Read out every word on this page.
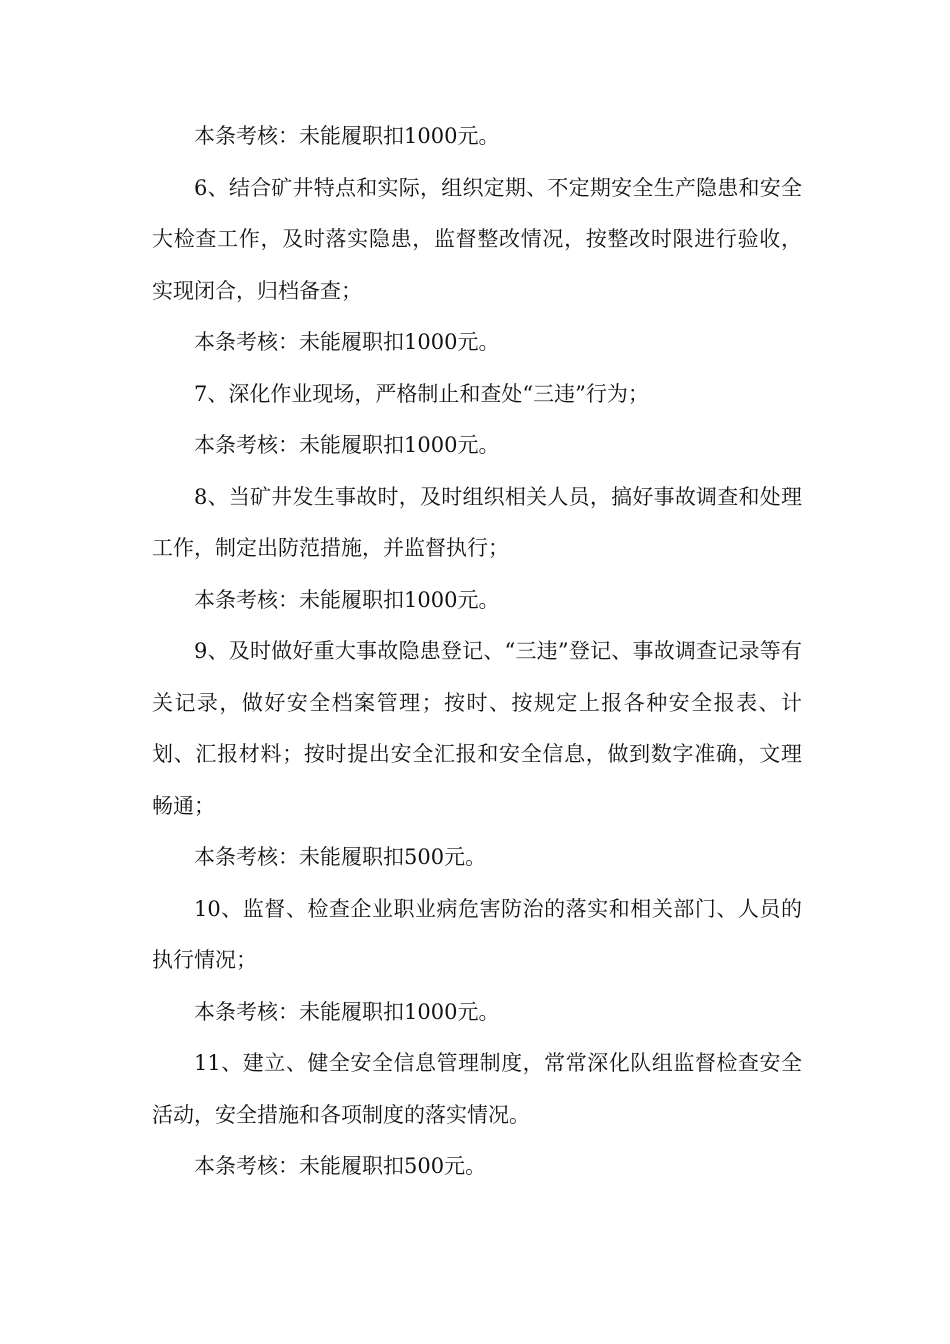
本条考核：未能履职扣1000元。

6、结合矿井特点和实际，组织定期、不定期安全生产隐患和安全大检查工作，及时落实隐患，监督整改情况，按整改时限进行验收，实现闭合，归档备查；

本条考核：未能履职扣1000元。

7、深化作业现场，严格制止和查处“三违”行为；

本条考核：未能履职扣1000元。

8、当矿井发生事故时，及时组织相关人员，搞好事故调查和处理工作，制定出防范措施，并监督执行；

本条考核：未能履职扣1000元。

9、及时做好重大事故隐患登记、“三违”登记、事故调查记录等有关记录，做好安全档案管理；按时、按规定上报各种安全报表、计划、汇报材料；按时提出安全汇报和安全信息，做到数字准确，文理畅通；

本条考核：未能履职扣500元。

10、监督、检查企业职业病危害防治的落实和相关部门、人员的执行情况；

本条考核：未能履职扣1000元。

11、建立、健全安全信息管理制度，常常深化队组监督检查安全活动，安全措施和各项制度的落实情况。

本条考核：未能履职扣500元。
